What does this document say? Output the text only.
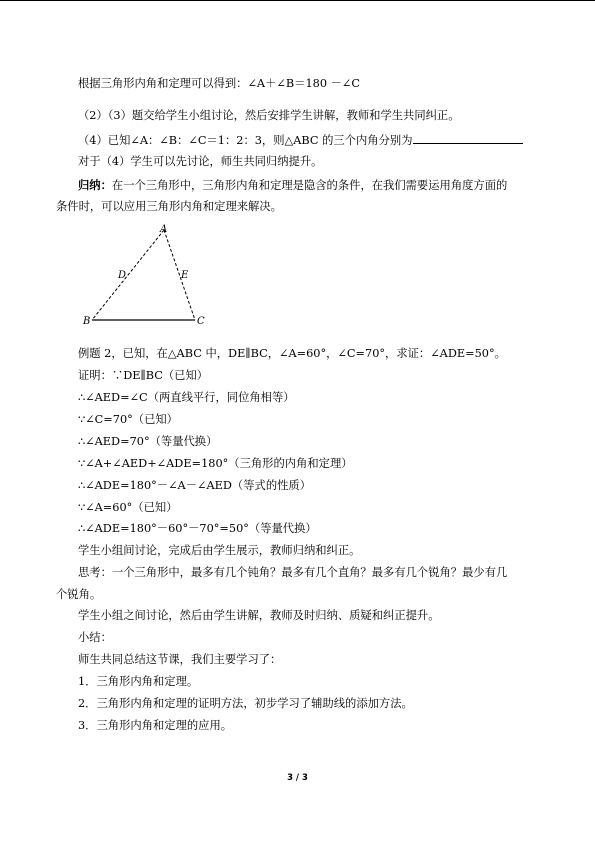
根据三角形内角和定理可以得到：∠A＋∠B＝180 －∠C
（2）（3）题交给学生小组讨论，然后安排学生讲解，教师和学生共同纠正。
（4）已知∠A：∠B：∠C＝1：2：3，则△ABC 的三个内角分别为
对于（4）学生可以先讨论，师生共同归纳提升。
归纳：在一个三角形中，三角形内角和定理是隐含的条件，在我们需要运用角度方面的
条件时，可以应用三角形内角和定理来解决。
A
B	C
D	E
例题 2，已知，在△ABC 中，DE∥BC，∠A=60°，∠C=70°，求证：∠ADE=50°。
证明：∵DE∥BC（已知）
∴∠AED=∠C（两直线平行，同位角相等）
∵∠C=70°（已知）
∴∠AED=70°（等量代换）
∵∠A+∠AED+∠ADE=180°（三角形的内角和定理）
∴∠ADE=180°－∠A－∠AED（等式的性质）
∵∠A=60°（已知）
∴∠ADE=180°－60°－70°=50°（等量代换）
学生小组间讨论，完成后由学生展示，教师归纳和纠正。
思考：一个三角形中，最多有几个钝角？最多有几个直角？最多有几个锐角？最少有几
个锐角。
学生小组之间讨论，然后由学生讲解，教师及时归纳、质疑和纠正提升。
小结：
师生共同总结这节课，我们主要学习了：
1．三角形内角和定理。
2．三角形内角和定理的证明方法，初步学习了辅助线的添加方法。
3．三角形内角和定理的应用。
3 / 3
